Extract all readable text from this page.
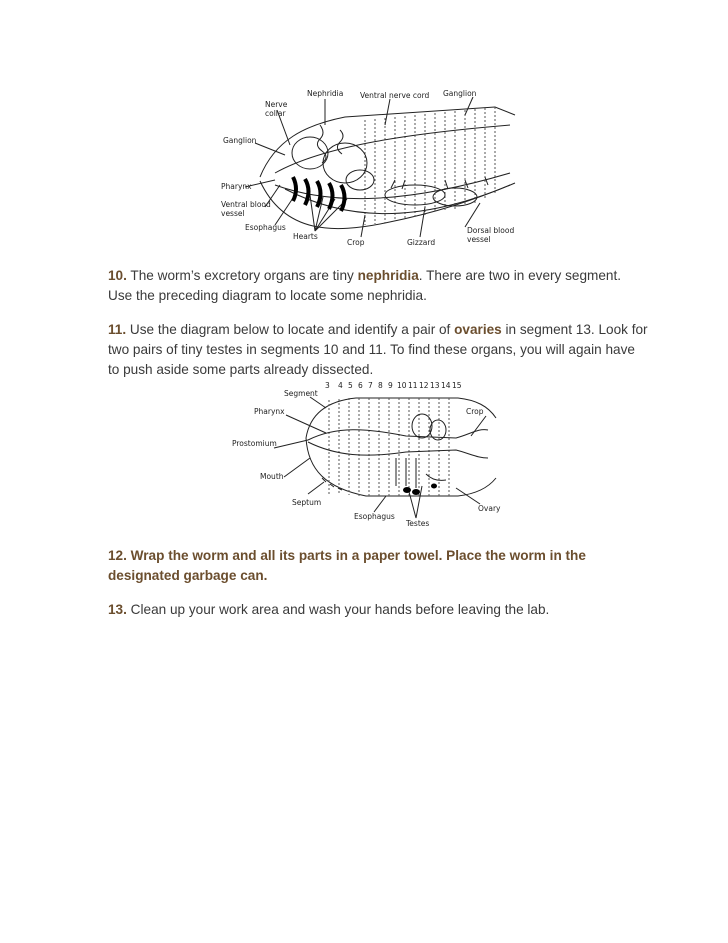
Nephridia Ventral nerve cord Ganglion
Nerve
collar
Ganglion
Pharynx
Ventral blood
vessel
Esophagus
Hearts
Crop	Gizzard
Dorsal blood
vessel
10. The worm’s excretory organs are tiny nephridia. There are two in every segment. Use the preceding diagram to locate some nephridia.
11. Use the diagram below to locate and identify a pair of ovaries in segment 13. Look for two pairs of tiny testes in segments 10 and 11. To find these organs, you will again have to push aside some parts already dissected.
3 4 5 6 7 8 9 10 11 12 13 14 15
Segment
Pharynx
Prostomium
Mouth
Septum
Esophagus
Testes
Ovary
Crop
12. Wrap the worm and all its parts in a paper towel. Place the worm in the designated garbage can.
13. Clean up your work area and wash your hands before leaving the lab.
